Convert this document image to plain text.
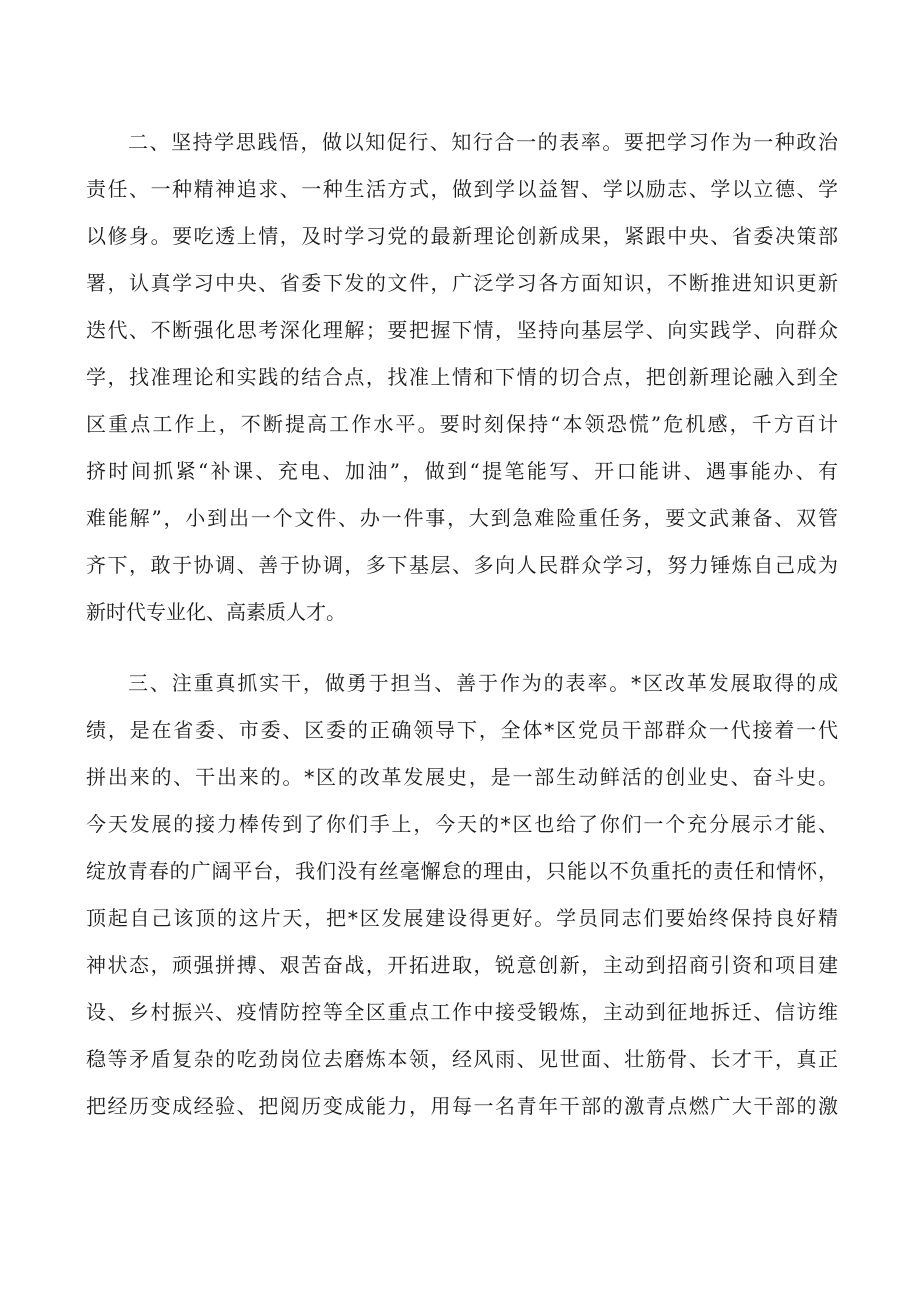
二、坚持学思践悟，做以知促行、知行合一的表率。要把学习作为一种政治
责任、一种精神追求、一种生活方式，做到学以益智、学以励志、学以立德、学
以修身。要吃透上情，及时学习党的最新理论创新成果，紧跟中央、省委决策部
署，认真学习中央、省委下发的文件，广泛学习各方面知识，不断推进知识更新
迭代、不断强化思考深化理解；要把握下情，坚持向基层学、向实践学、向群众
学，找准理论和实践的结合点，找准上情和下情的切合点，把创新理论融入到全
区重点工作上，不断提高工作水平。要时刻保持“本领恐慌”危机感，千方百计
挤时间抓紧“补课、充电、加油”，做到“提笔能写、开口能讲、遇事能办、有
难能解”，小到出一个文件、办一件事，大到急难险重任务，要文武兼备、双管
齐下，敢于协调、善于协调，多下基层、多向人民群众学习，努力锤炼自己成为
新时代专业化、高素质人才。
三、注重真抓实干，做勇于担当、善于作为的表率。*区改革发展取得的成
绩，是在省委、市委、区委的正确领导下，全体*区党员干部群众一代接着一代
拼出来的、干出来的。*区的改革发展史，是一部生动鲜活的创业史、奋斗史。
今天发展的接力棒传到了你们手上，今天的*区也给了你们一个充分展示才能、
绽放青春的广阔平台，我们没有丝毫懈怠的理由，只能以不负重托的责任和情怀，
顶起自己该顶的这片天，把*区发展建设得更好。学员同志们要始终保持良好精
神状态，顽强拼搏、艰苦奋战，开拓进取，锐意创新，主动到招商引资和项目建
设、乡村振兴、疫情防控等全区重点工作中接受锻炼，主动到征地拆迁、信访维
稳等矛盾复杂的吃劲岗位去磨炼本领，经风雨、见世面、壮筋骨、长才干，真正
把经历变成经验、把阅历变成能力，用每一名青年干部的激青点燃广大干部的激
